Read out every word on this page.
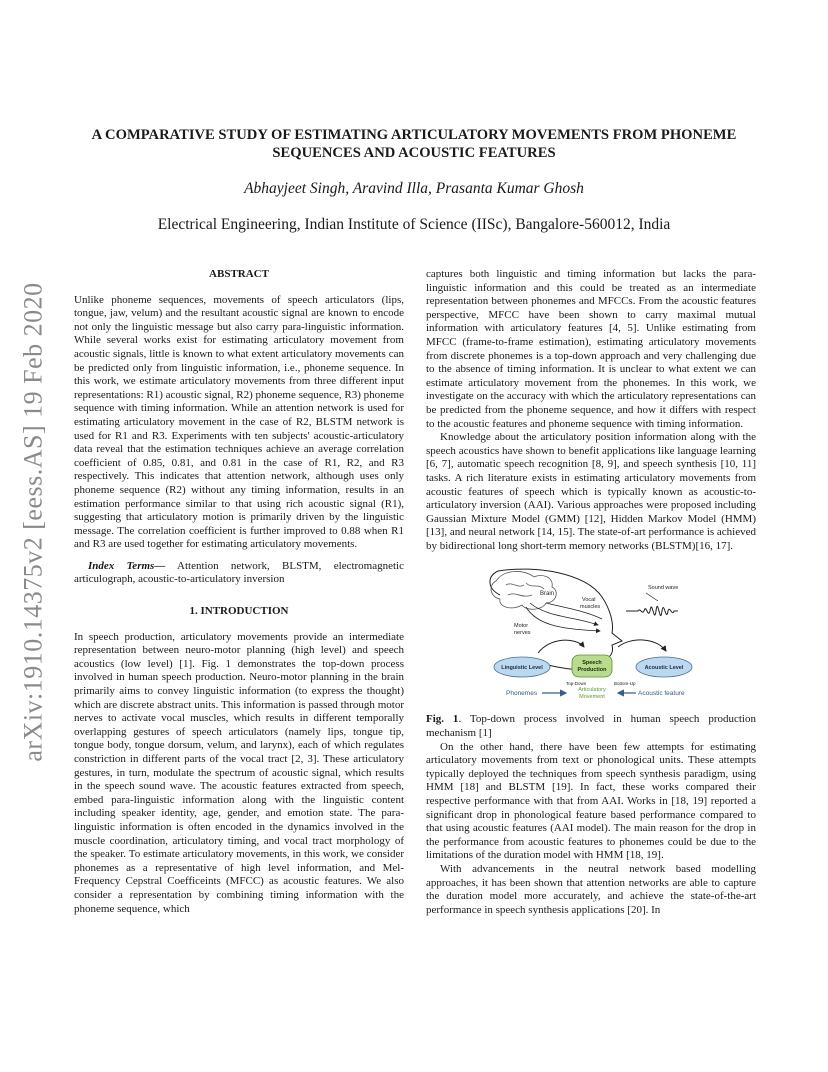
arXiv:1910.14375v2 [eess.AS] 19 Feb 2020
A COMPARATIVE STUDY OF ESTIMATING ARTICULATORY MOVEMENTS FROM PHONEME SEQUENCES AND ACOUSTIC FEATURES
Abhayjeet Singh, Aravind Illa, Prasanta Kumar Ghosh
Electrical Engineering, Indian Institute of Science (IISc), Bangalore-560012, India
ABSTRACT

Unlike phoneme sequences, movements of speech articulators (lips, tongue, jaw, velum) and the resultant acoustic signal are known to encode not only the linguistic message but also carry para-linguistic information. While several works exist for estimating articulatory movement from acoustic signals, little is known to what extent articulatory movements can be predicted only from linguistic information, i.e., phoneme sequence. In this work, we estimate articulatory movements from three different input representations: R1) acoustic signal, R2) phoneme sequence, R3) phoneme sequence with timing information. While an attention network is used for estimating articulatory movement in the case of R2, BLSTM network is used for R1 and R3. Experiments with ten subjects' acoustic-articulatory data reveal that the estimation techniques achieve an average correlation coefficient of 0.85, 0.81, and 0.81 in the case of R1, R2, and R3 respectively. This indicates that attention network, although uses only phoneme sequence (R2) without any timing information, results in an estimation performance similar to that using rich acoustic signal (R1), suggesting that articulatory motion is primarily driven by the linguistic message. The correlation coefficient is further improved to 0.88 when R1 and R3 are used together for estimating articulatory movements.

Index Terms— Attention network, BLSTM, electromagnetic articulograph, acoustic-to-articulatory inversion

1. INTRODUCTION

In speech production, articulatory movements provide an intermediate representation between neuro-motor planning (high level) and speech acoustics (low level) [1]. Fig. 1 demonstrates the top-down process involved in human speech production. Neuro-motor planning in the brain primarily aims to convey linguistic information (to express the thought) which are discrete abstract units. This information is passed through motor nerves to activate vocal muscles, which results in different temporally overlapping gestures of speech articulators (namely lips, tongue tip, tongue body, tongue dorsum, velum, and larynx), each of which regulates constriction in different parts of the vocal tract [2, 3]. These articulatory gestures, in turn, modulate the spectrum of acoustic signal, which results in the speech sound wave. The acoustic features extracted from speech, embed para-linguistic information along with the linguistic content including speaker identity, age, gender, and emotion state. The para-linguistic information is often encoded in the dynamics involved in the muscle coordination, articulatory timing, and vocal tract morphology of the speaker. To estimate articulatory movements, in this work, we consider phonemes as a representative of high level information, and Mel-Frequency Cepstral Coefficeints (MFCC) as acoustic features. We also consider a representation by combining timing information with the phoneme sequence, which

captures both linguistic and timing information but lacks the para-linguistic information and this could be treated as an intermediate representation between phonemes and MFCCs. From the acoustic features perspective, MFCC have been shown to carry maximal mutual information with articulatory features [4, 5]. Unlike estimating from MFCC (frame-to-frame estimation), estimating articulatory movements from discrete phonemes is a top-down approach and very challenging due to the absence of timing information. It is unclear to what extent we can estimate articulatory movement from the phonemes. In this work, we investigate on the accuracy with which the articulatory representations can be predicted from the phoneme sequence, and how it differs with respect to the acoustic features and phoneme sequence with timing information.

Knowledge about the articulatory position information along with the speech acoustics have shown to benefit applications like language learning [6, 7], automatic speech recognition [8, 9], and speech synthesis [10, 11] tasks. A rich literature exists in estimating articulatory movements from acoustic features of speech which is typically known as acoustic-to-articulatory inversion (AAI). Various approaches were proposed including Gaussian Mixture Model (GMM) [12], Hidden Markov Model (HMM) [13], and neural network [14, 15]. The state-of-art performance is achieved by bidirectional long short-term memory networks (BLSTM)[16, 17].

Brain
Vocal
muscles
Sound wave
Motor
nerves
Linguistic Level
Speech
Production	Acoustic Level
Top-Down	Bottom-Up
Phonemes	Articulatory
Movement	Acoustic feature

Fig. 1. Top-down process involved in human speech production mechanism [1]

On the other hand, there have been few attempts for estimating articulatory movements from text or phonological units. These attempts typically deployed the techniques from speech synthesis paradigm, using HMM [18] and BLSTM [19]. In fact, these works compared their respective performance with that from AAI. Works in [18, 19] reported a significant drop in phonological feature based performance compared to that using acoustic features (AAI model). The main reason for the drop in the performance from acoustic features to phonemes could be due to the limitations of the duration model with HMM [18, 19].

With advancements in the neutral network based modelling approaches, it has been shown that attention networks are able to capture the duration model more accurately, and achieve the state-of-the-art performance in speech synthesis applications [20]. In
